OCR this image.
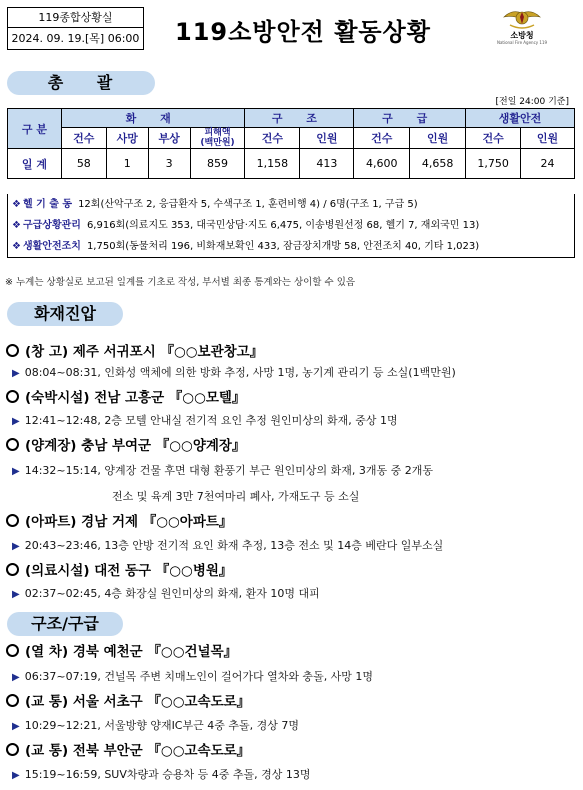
119종합상황실
2024. 09. 19.[목] 06:00 119소방안전 활동상황	소방청
National Fire Agency 119
총 괄
[전일 24:00 기준]
구 분	화 재				구 조		구 급		생활안전	
	건수	사망	부상	피해액
(백만원)	건수	인원	건수	인원	건수	인원
일 계	58	1	3	859	1,158	413	4,600	4,658	1,750	24
❖ 헬 기 출 동 12회(산악구조 2, 응급환자 5, 수색구조 1, 훈련비행 4) / 6명(구조 1, 구급 5)
❖ 구급상황관리 6,916회(의료지도 353, 대국민상담·지도 6,475, 이송병원선정 68, 헬기 7, 재외국민 13)
❖ 생활안전조치 1,750회(동물처리 196, 비화재보확인 433, 잠금장치개방 58, 안전조치 40, 기타 1,023)
※ 누계는 상황실로 보고된 일계를 기초로 작성, 부서별 최종 통계와는 상이할 수 있음
화재진압
(창 고) 제주 서귀포시 『○○보관창고』
▶ 08:04~08:31, 인화성 액체에 의한 방화 추정, 사망 1명, 농기계 관리기 등 소실(1백만원)
(숙박시설) 전남 고흥군 『○○모텔』
▶ 12:41~12:48, 2층 모텔 안내실 전기적 요인 추정 원인미상의 화재, 중상 1명
(양계장) 충남 부여군 『○○양계장』
▶ 14:32~15:14, 양계장 건물 후면 대형 환풍기 부근 원인미상의 화재, 3개동 중 2개동
전소 및 육계 3만 7천여마리 폐사, 가재도구 등 소실
(아파트) 경남 거제 『○○아파트』
▶ 20:43~23:46, 13층 안방 전기적 요인 화재 추정, 13층 전소 및 14층 베란다 일부소실
(의료시설) 대전 동구 『○○병원』
▶ 02:37~02:45, 4층 화장실 원인미상의 화재, 환자 10명 대피
구조/구급
(열 차) 경북 예천군 『○○건널목』
▶ 06:37~07:19, 건널목 주변 치매노인이 걸어가다 열차와 충돌, 사망 1명
(교 통) 서울 서초구 『○○고속도로』
▶ 10:29~12:21, 서울방향 양재IC부근 4중 추돌, 경상 7명
(교 통) 전북 부안군 『○○고속도로』
▶ 15:19~16:59, SUV차량과 승용차 등 4중 추돌, 경상 13명
